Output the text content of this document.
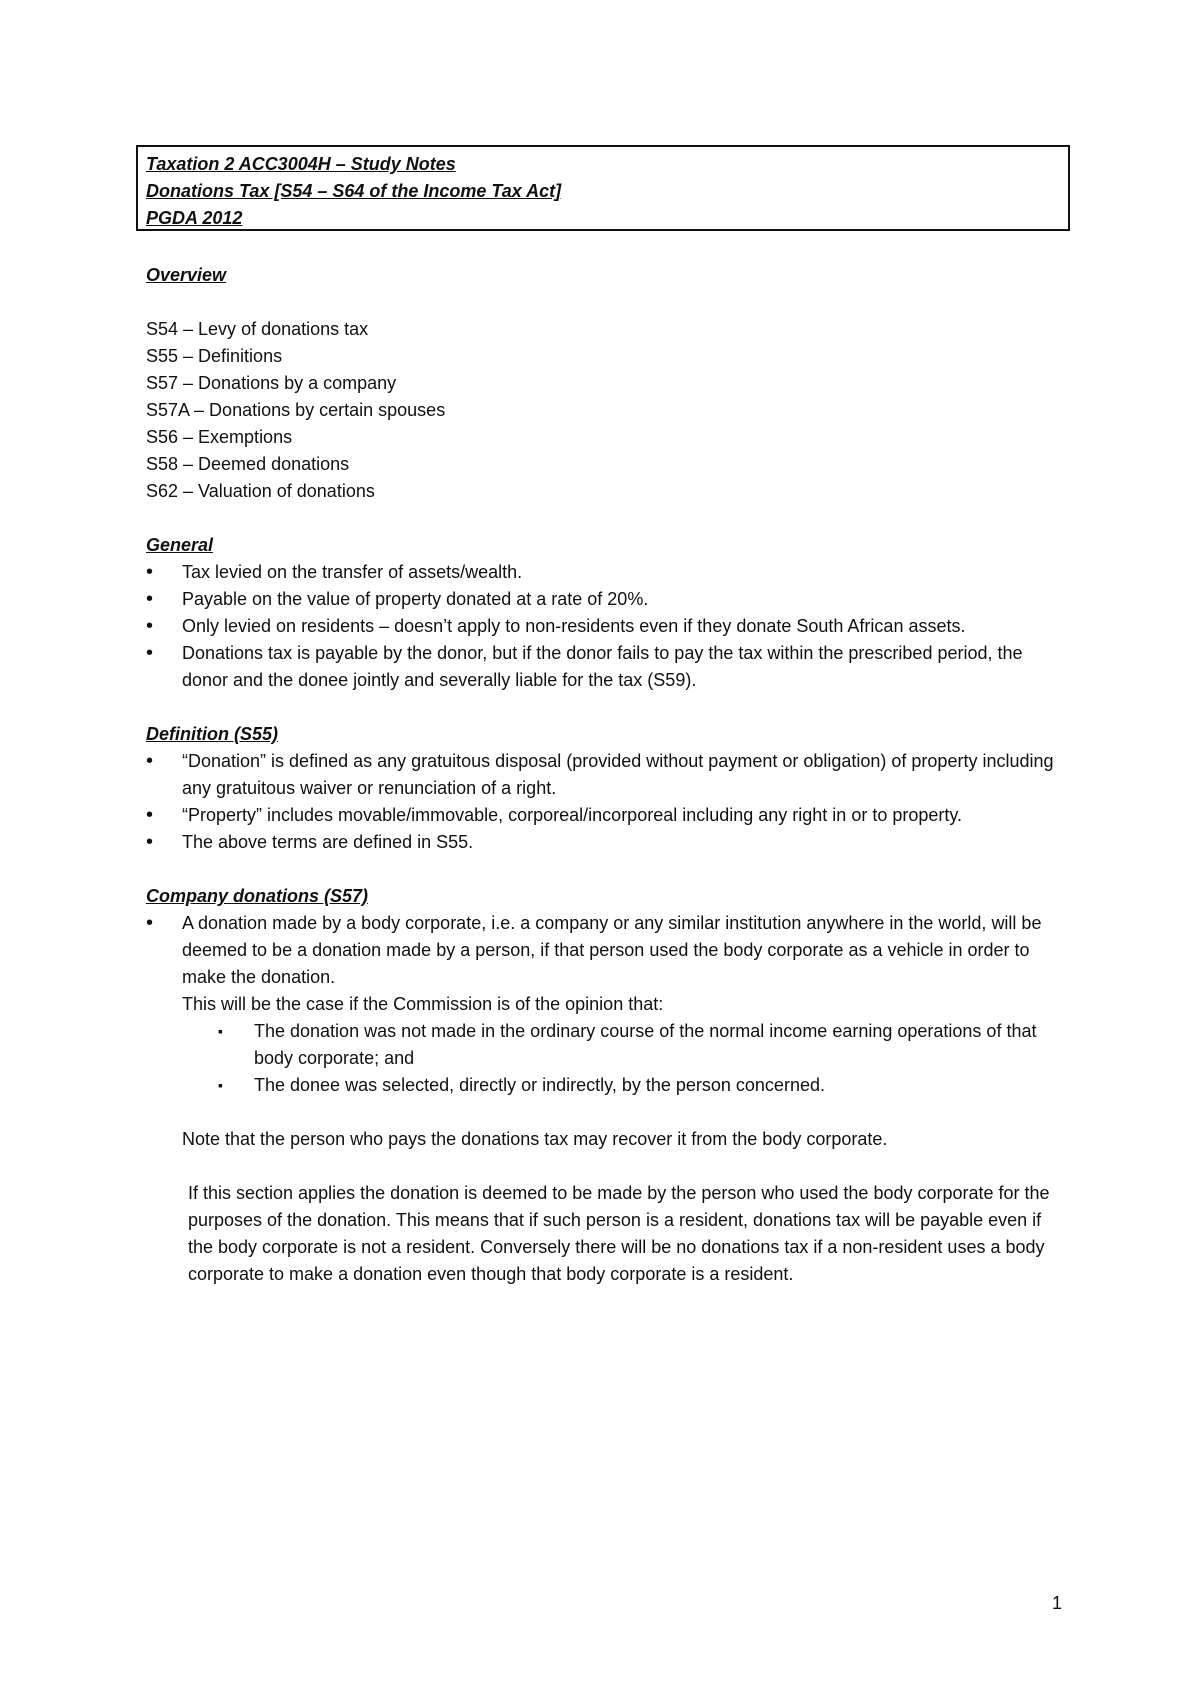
Taxation 2 ACC3004H – Study Notes

Donations Tax [S54 – S64 of the Income Tax Act]

PGDA 2012

Overview

S54 – Levy of donations tax

S55 – Definitions

S57 – Donations by a company

S57A – Donations by certain spouses

S56 – Exemptions

S58 – Deemed donations

S62 – Valuation of donations

General

• Tax levied on the transfer of assets/wealth.
• Payable on the value of property donated at a rate of 20%.
• Only levied on residents – doesn’t apply to non-residents even if they donate South African assets.
• Donations tax is payable by the donor, but if the donor fails to pay the tax within the prescribed period, the donor and the donee jointly and severally liable for the tax (S59).

Definition (S55)

• “Donation” is defined as any gratuitous disposal (provided without payment or obligation) of property including any gratuitous waiver or renunciation of a right.
• “Property” includes movable/immovable, corporeal/incorporeal including any right in or to property.
• The above terms are defined in S55.

Company donations (S57)

• A donation made by a body corporate, i.e. a company or any similar institution anywhere in the world, will be deemed to be a donation made by a person, if that person used the body corporate as a vehicle in order to make the donation.

This will be the case if the Commission is of the opinion that:

▪ The donation was not made in the ordinary course of the normal income earning operations of that body corporate; and
▪ The donee was selected, directly or indirectly, by the person concerned.

Note that the person who pays the donations tax may recover it from the body corporate.

If this section applies the donation is deemed to be made by the person who used the body corporate for the purposes of the donation. This means that if such person is a resident, donations tax will be payable even if the body corporate is not a resident. Conversely there will be no donations tax if a non-resident uses a body corporate to make a donation even though that body corporate is a resident.

1
